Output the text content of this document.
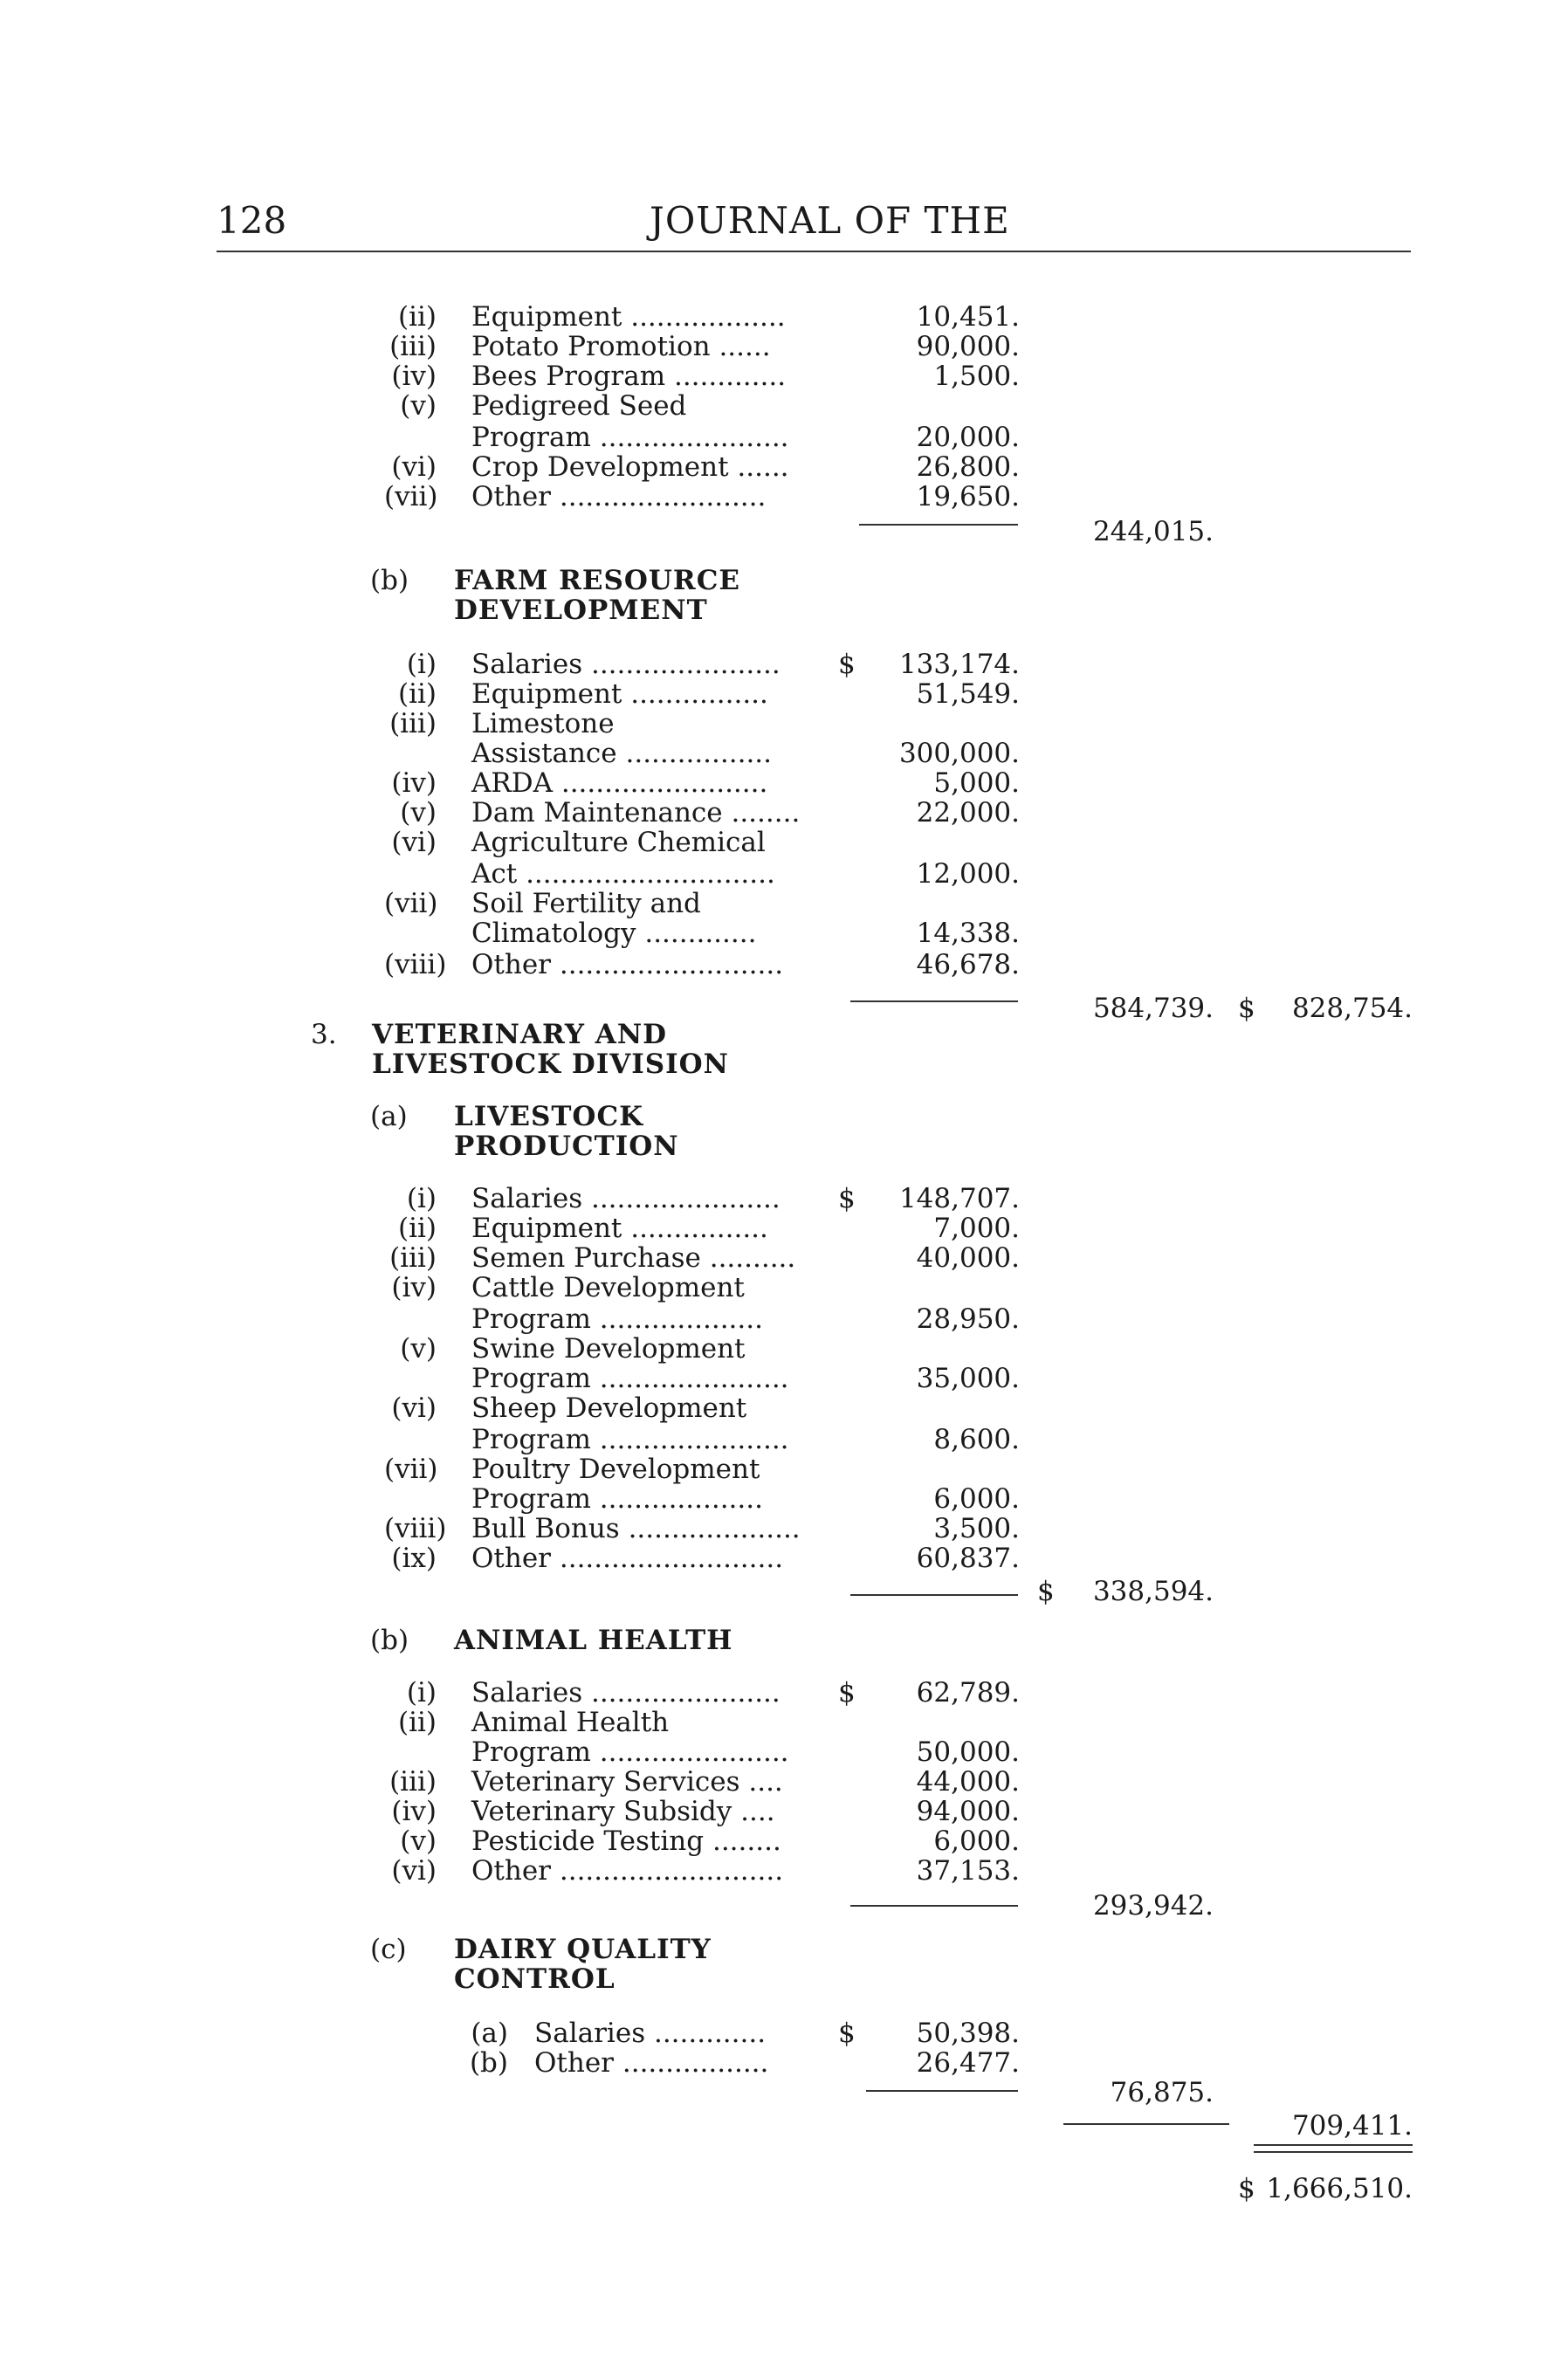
128	JOURNAL OF THE
(ii) Equipment ..................	10,451.
(iii) Potato Promotion ......	90,000.
(iv) Bees Program .............	1,500.
(v) Pedigreed Seed
Program ......................	20,000.
(vi) Crop Development ......	26,800.
(vii) Other ........................	19,650.
244,015.
(b) FARM RESOURCE
DEVELOPMENT
(i) Salaries ...................... $	133,174.
(ii) Equipment ................	51,549.
(iii) Limestone
Assistance .................	300,000.
(iv) ARDA ........................	5,000.
(v) Dam Maintenance ........	22,000.
(vi) Agriculture Chemical
Act .............................	12,000.
(vii) Soil Fertility and
Climatology .............	14,338.
(viii) Other ..........................	46,678.
584,739. $	828,754.
3. VETERINARY AND
LIVESTOCK DIVISION
(a) LIVESTOCK
PRODUCTION
(i) Salaries ...................... $	148,707.
(ii) Equipment ................	7,000.
(iii) Semen Purchase ..........	40,000.
(iv) Cattle Development
Program ...................	28,950.
(v) Swine Development
Program ......................	35,000.
(vi) Sheep Development
Program ......................	8,600.
(vii) Poultry Development
Program ...................	6,000.
(viii) Bull Bonus ....................	3,500.
(ix) Other ..........................	60,837.
$	338,594.
(b) ANIMAL HEALTH
(i) Salaries ...................... $	62,789.
(ii) Animal Health
Program ......................	50,000.
(iii) Veterinary Services ....	44,000.
(iv) Veterinary Subsidy ....	94,000.
(v) Pesticide Testing ........	6,000.
(vi) Other ..........................	37,153.
293,942.
(c) DAIRY QUALITY
CONTROL
(a) Salaries .............	$	50,398.
(b) Other .................	26,477.
76,875.
709,411.
$ 1,666,510.
